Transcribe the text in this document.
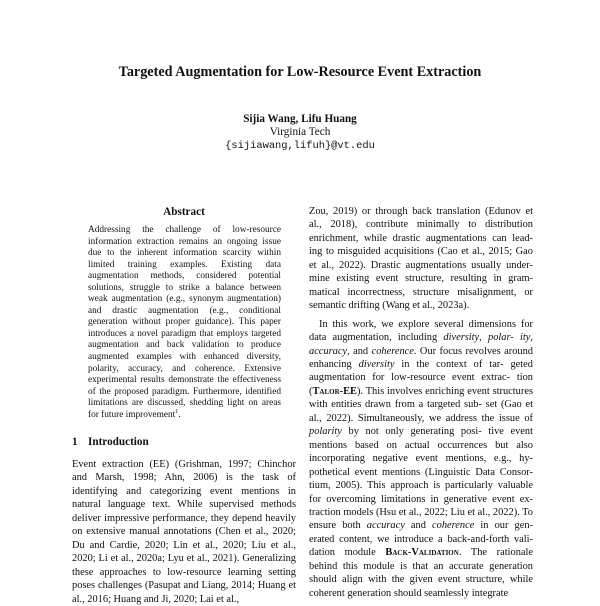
Targeted Augmentation for Low-Resource Event Extraction
Sijia Wang, Lifu Huang
Virginia Tech
{sijiawang,lifuh}@vt.edu
Abstract
Addressing the challenge of low-resource information extraction remains an ongoing issue due to the inherent information scarcity within limited training examples. Existing data augmentation methods, considered potential solutions, struggle to strike a balance between weak augmentation (e.g., synonym augmentation) and drastic augmentation (e.g., conditional generation without proper guidance). This paper introduces a novel paradigm that employs targeted augmentation and back validation to produce augmented examples with enhanced diversity, polarity, accuracy, and coherence. Extensive experimental results demonstrate the effectiveness of the proposed paradigm. Furthermore, identified limitations are discussed, shedding light on areas for future improvement$^1$.
1 Introduction
Event extraction (EE) (Grishman, 1997; Chinchor and Marsh, 1998; Ahn, 2006) is the task of identifying and categorizing event mentions in natural language text. While supervised methods deliver impressive performance, they depend heavily on extensive manual annotations (Chen et al., 2020; Du and Cardie, 2020; Lin et al., 2020; Liu et al., 2020; Li et al., 2020a; Lyu et al., 2021). Generalizing these approaches to low-resource learning setting poses challenges (Pasupat and Liang, 2014; Huang et al., 2016; Huang and Ji, 2020; Lai et al.,

Zou, 2019) or through back translation (Edunov et al., 2018), contribute minimally to distribution enrichment, while drastic augmentations can lead- ing to misguided acquisitions (Cao et al., 2015; Gao et al., 2022). Drastic augmentations usually under- mine existing event structure, resulting in gram- matical incorrectness, structure misalignment, or semantic drifting (Wang et al., 2023a).

In this work, we explore several dimensions for data augmentation, including diversity, polar- ity, accuracy, and coherence. Our focus revolves around enhancing diversity in the context of tar- geted augmentation for low-resource event extrac- tion (Talor-EE). This involves enriching event structures with entities drawn from a targeted sub- set (Gao et al., 2022). Simultaneously, we address the issue of polarity by not only generating posi- tive event mentions based on actual occurrences but also incorporating negative event mentions, e.g., hy- pothetical event mentions (Linguistic Data Consor- tium, 2005). This approach is particularly valuable for overcoming limitations in generative event ex- traction models (Hsu et al., 2022; Liu et al., 2022). To ensure both accuracy and coherence in our gen- erated content, we introduce a back-and-forth vali- dation module Back-Validation. The rationale behind this module is that an accurate generation should align with the given event structure, while coherent generation should seamlessly integrate
